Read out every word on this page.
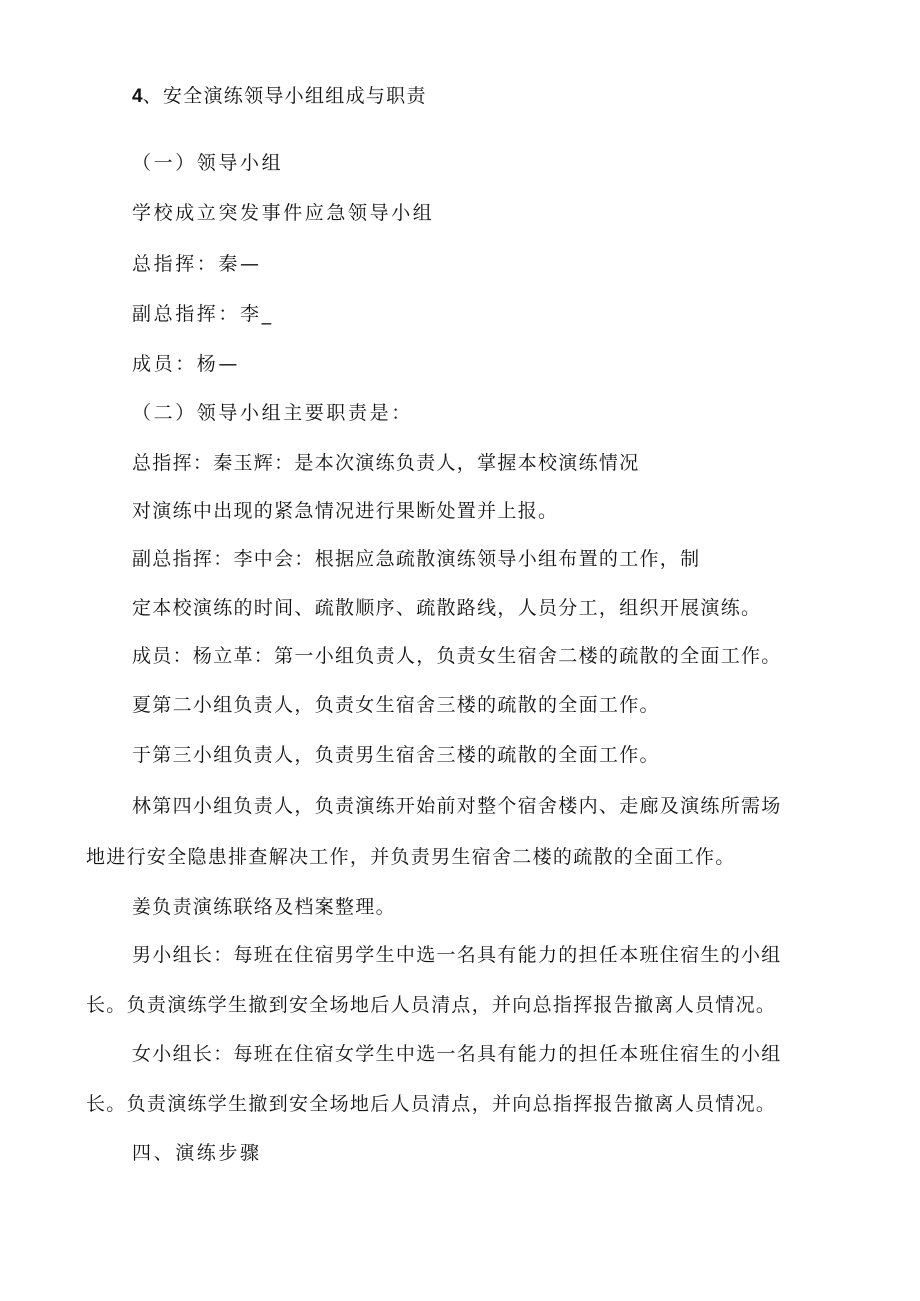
4、安全演练领导小组组成与职责

（一）领导小组

学校成立突发事件应急领导小组

总指挥：秦—

副总指挥：李_

成员：杨—

（二）领导小组主要职责是：

总指挥：秦玉辉：是本次演练负责人，掌握本校演练情况

对演练中出现的紧急情况进行果断处置并上报。

副总指挥：李中会：根据应急疏散演练领导小组布置的工作，制

定本校演练的时间、疏散顺序、疏散路线，人员分工，组织开展演练。

成员：杨立革：第一小组负责人，负责女生宿舍二楼的疏散的全面工作。

夏第二小组负责人，负责女生宿舍三楼的疏散的全面工作。

于第三小组负责人，负责男生宿舍三楼的疏散的全面工作。

林第四小组负责人，负责演练开始前对整个宿舍楼内、走廊及演练所需场

地进行安全隐患排查解决工作，并负责男生宿舍二楼的疏散的全面工作。

姜负责演练联络及档案整理。

男小组长：每班在住宿男学生中选一名具有能力的担任本班住宿生的小组

长。负责演练学生撤到安全场地后人员清点，并向总指挥报告撤离人员情况。

女小组长：每班在住宿女学生中选一名具有能力的担任本班住宿生的小组

长。负责演练学生撤到安全场地后人员清点，并向总指挥报告撤离人员情况。

四、演练步骤
